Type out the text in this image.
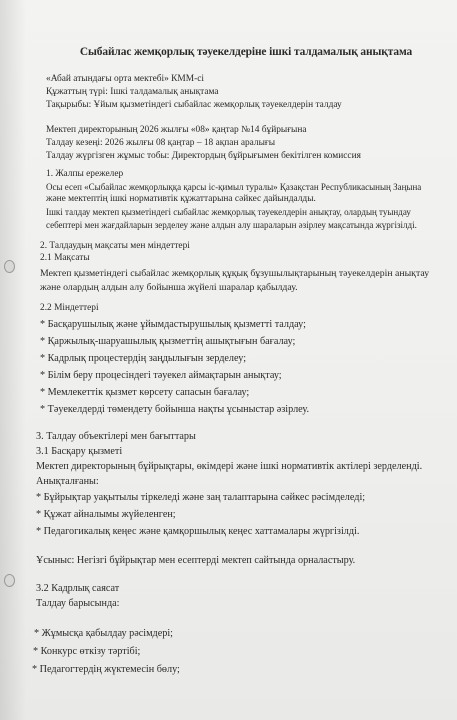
Сыбайлас жемқорлық тәуекелдеріне ішкі талдамалық анықтама
«Абай атындағы орта мектебі» КММ-сі
Құжаттың түрі: Ішкі талдамалық анықтама
Тақырыбы: Ұйым қызметіндегі сыбайлас жемқорлық тәуекелдерін талдау
Мектеп директорының 2026 жылғы «08» қаңтар №14 бұйрығына
Талдау кезеңі: 2026 жылғы 08 қаңтар – 18 ақпан аралығы
Талдау жүргізген жұмыс тобы: Директордың бұйрығымен бекітілген комиссия
1. Жалпы ережелер
Осы есеп «Сыбайлас жемқорлыққа қарсы іс-қимыл туралы» Қазақстан Республикасының Заңына
және мектептің ішкі нормативтік құжаттарына сәйкес дайындалды.
Ішкі талдау мектеп қызметіндегі сыбайлас жемқорлық тәуекелдерін анықтау, олардың туындау
себептері мен жағдайларын зерделеу және алдын алу шараларын әзірлеу мақсатында жүргізілді.
2. Талдаудың мақсаты мен міндеттері
2.1 Мақсаты
Мектеп қызметіндегі сыбайлас жемқорлық құқық бұзушылықтарының тәуекелдерін анықтау
және олардың алдын алу бойынша жүйелі шаралар қабылдау.
2.2 Міндеттері
* Басқарушылық және ұйымдастырушылық қызметті талдау;
* Қаржылық-шаруашылық қызметтің ашықтығын бағалау;
* Кадрлық процестердің заңдылығын зерделеу;
* Білім беру процесіндегі тәуекел аймақтарын анықтау;
* Мемлекеттік қызмет көрсету сапасын бағалау;
* Тәуекелдерді төмендету бойынша нақты ұсыныстар әзірлеу.
3. Талдау объектілері мен бағыттары
3.1 Басқару қызметі
Мектеп директорының бұйрықтары, өкімдері және ішкі нормативтік актілері зерделенді.
Анықталғаны:
* Бұйрықтар уақытылы тіркеледі және заң талаптарына сәйкес рәсімделеді;
* Құжат айналымы жүйеленген;
* Педагогикалық кеңес және қамқоршылық кеңес хаттамалары жүргізілді.
Ұсыныс: Негізгі бұйрықтар мен есептерді мектеп сайтында орналастыру.
3.2 Кадрлық саясат
Талдау барысында:
* Жұмысқа қабылдау рәсімдері;
* Конкурс өткізу тәртібі;
* Педагогтердің жүктемесін бөлу;
